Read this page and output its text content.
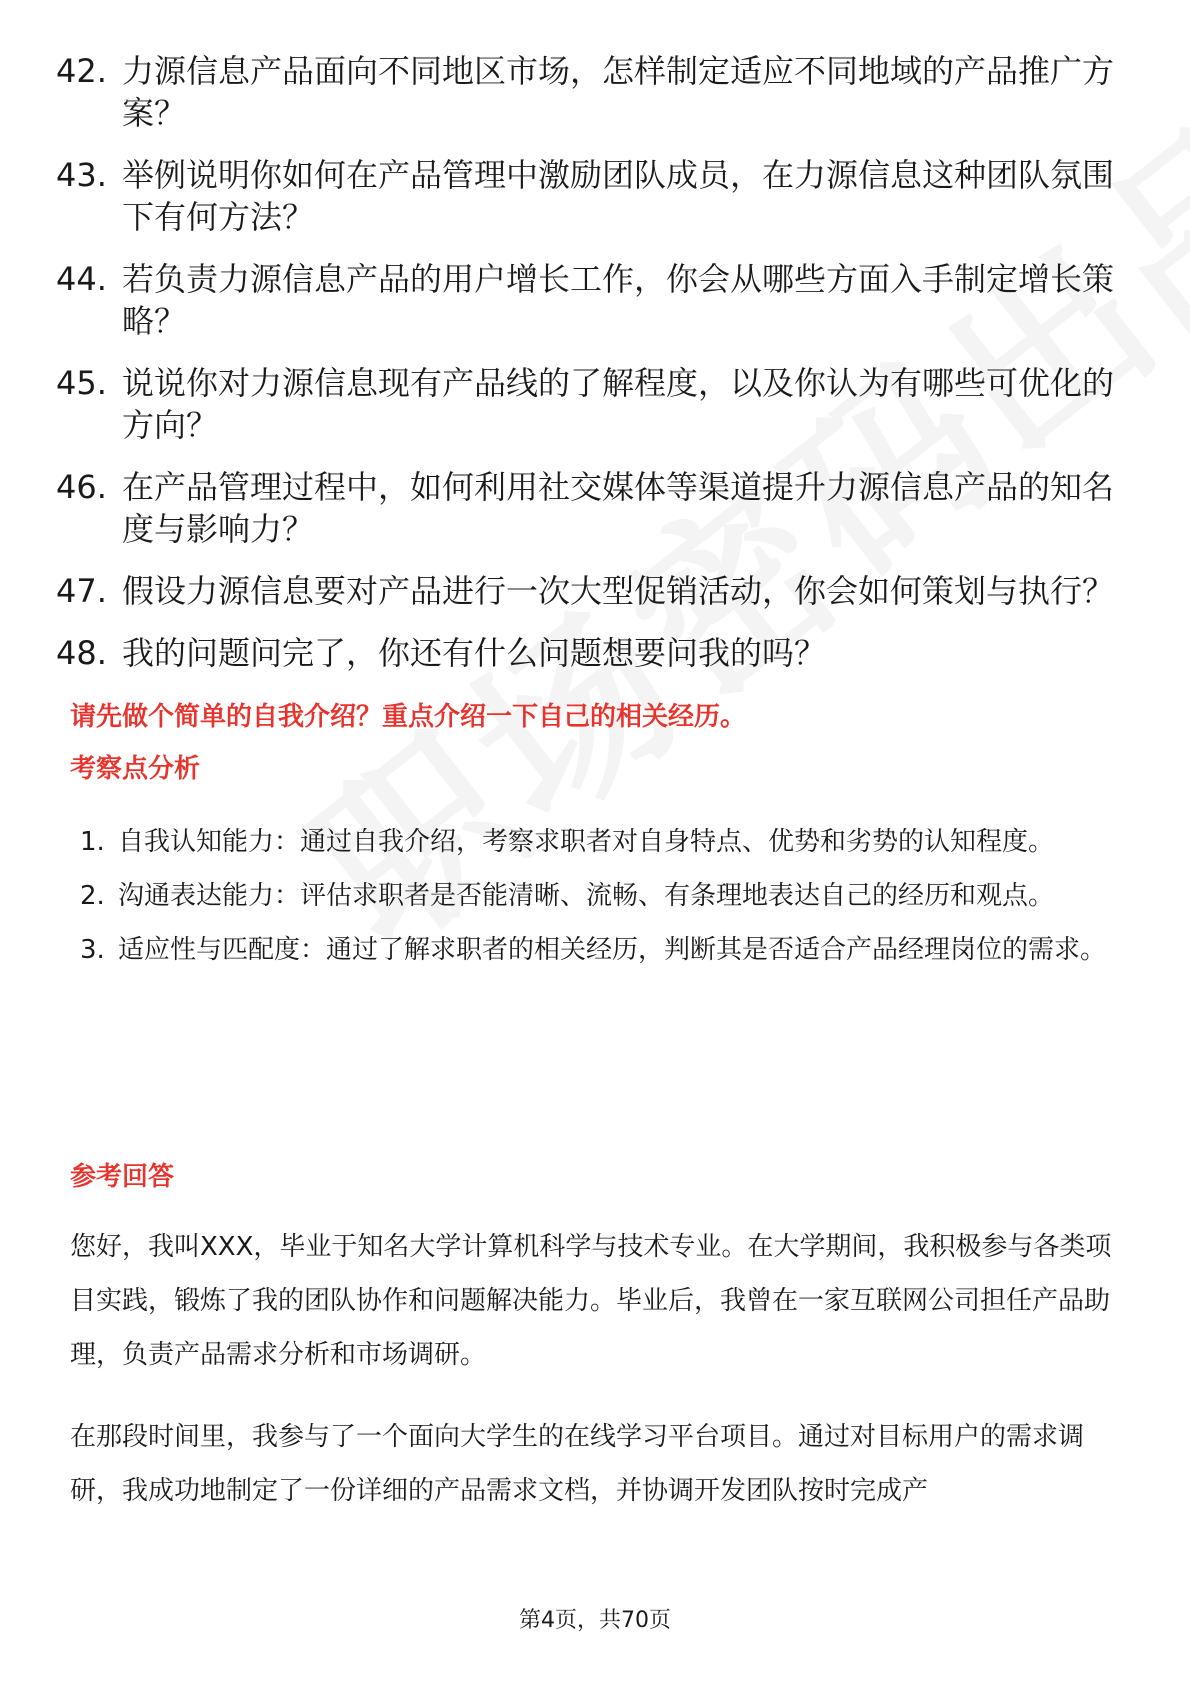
42. 力源信息产品面向不同地区市场，怎样制定适应不同地域的产品推广方案？
43. 举例说明你如何在产品管理中激励团队成员，在力源信息这种团队氛围下有何方法？
44. 若负责力源信息产品的用户增长工作，你会从哪些方面入手制定增长策略？
45. 说说你对力源信息现有产品线的了解程度，以及你认为有哪些可优化的方向？
46. 在产品管理过程中，如何利用社交媒体等渠道提升力源信息产品的知名度与影响力？
47. 假设力源信息要对产品进行一次大型促销活动，你会如何策划与执行？
48. 我的问题问完了，你还有什么问题想要问我的吗？
请先做个简单的自我介绍？重点介绍一下自己的相关经历。
考察点分析
1. 自我认知能力：通过自我介绍，考察求职者对自身特点、优势和劣势的认知程度。
2. 沟通表达能力：评估求职者是否能清晰、流畅、有条理地表达自己的经历和观点。
3. 适应性与匹配度：通过了解求职者的相关经历，判断其是否适合产品经理岗位的需求。
参考回答
您好，我叫XXX，毕业于知名大学计算机科学与技术专业。在大学期间，我积极参与各类项目实践，锻炼了我的团队协作和问题解决能力。毕业后，我曾在一家互联网公司担任产品助理，负责产品需求分析和市场调研。
在那段时间里，我参与了一个面向大学生的在线学习平台项目。通过对目标用户的需求调研，我成功地制定了一份详细的产品需求文档，并协调开发团队按时完成产
第4页，共70页
